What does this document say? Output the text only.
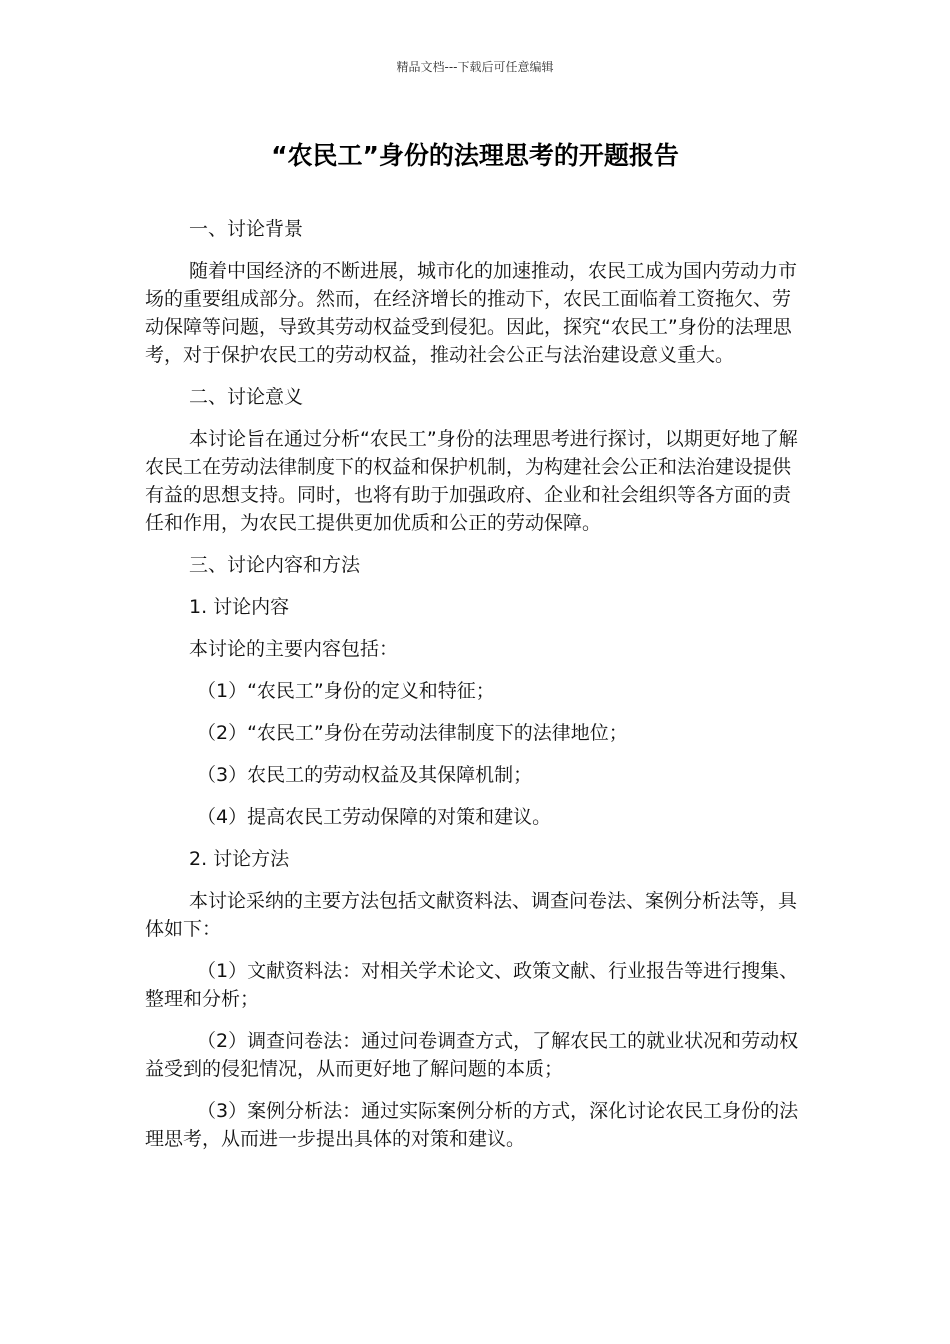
精品文档---下载后可任意编辑
“农民工”身份的法理思考的开题报告

一、讨论背景

随着中国经济的不断进展，城市化的加速推动，农民工成为国内劳动力市场的重要组成部分。然而，在经济增长的推动下，农民工面临着工资拖欠、劳动保障等问题，导致其劳动权益受到侵犯。因此，探究“农民工”身份的法理思考，对于保护农民工的劳动权益，推动社会公正与法治建设意义重大。

二、讨论意义

本讨论旨在通过分析“农民工”身份的法理思考进行探讨，以期更好地了解农民工在劳动法律制度下的权益和保护机制，为构建社会公正和法治建设提供有益的思想支持。同时，也将有助于加强政府、企业和社会组织等各方面的责任和作用，为农民工提供更加优质和公正的劳动保障。

三、讨论内容和方法

1. 讨论内容

本讨论的主要内容包括：

（1）“农民工”身份的定义和特征；

（2）“农民工”身份在劳动法律制度下的法律地位；

（3）农民工的劳动权益及其保障机制；

（4）提高农民工劳动保障的对策和建议。

2. 讨论方法

本讨论采纳的主要方法包括文献资料法、调查问卷法、案例分析法等，具体如下：

（1）文献资料法：对相关学术论文、政策文献、行业报告等进行搜集、整理和分析；

（2）调查问卷法：通过问卷调查方式，了解农民工的就业状况和劳动权益受到的侵犯情况，从而更好地了解问题的本质；

（3）案例分析法：通过实际案例分析的方式，深化讨论农民工身份的法理思考，从而进一步提出具体的对策和建议。
